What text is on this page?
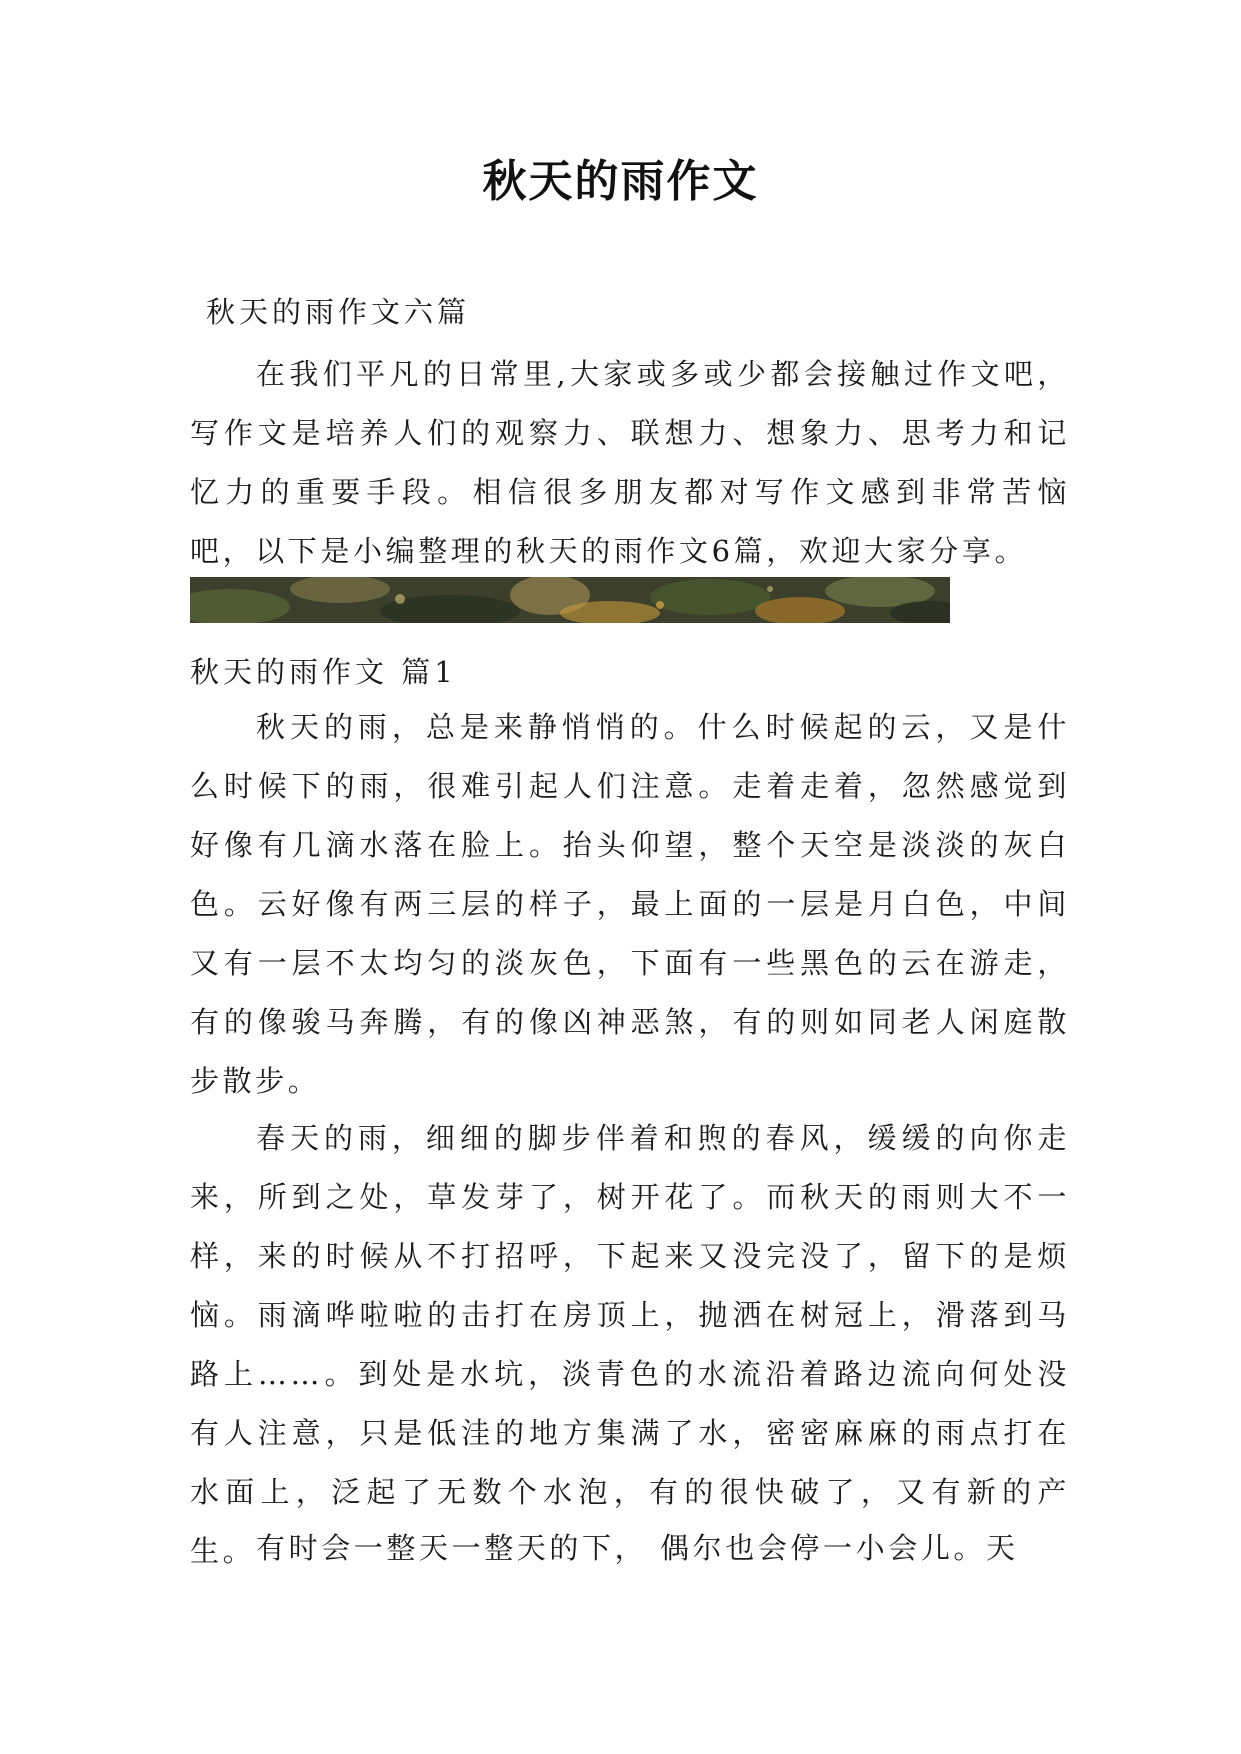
秋天的雨作文
秋天的雨作文六篇

在我们平凡的日常里,大家或多或少都会接触过作文吧，写作文是培养人们的观察力、联想力、想象力、思考力和记忆力的重要手段。相信很多朋友都对写作文感到非常苦恼吧，以下是小编整理的秋天的雨作文6篇，欢迎大家分享。

秋天的雨作文 篇1

秋天的雨，总是来静悄悄的。什么时候起的云，又是什么时候下的雨，很难引起人们注意。走着走着，忽然感觉到好像有几滴水落在脸上。抬头仰望，整个天空是淡淡的灰白色。云好像有两三层的样子，最上面的一层是月白色，中间又有一层不太均匀的淡灰色，下面有一些黑色的云在游走，有的像骏马奔腾，有的像凶神恶煞，有的则如同老人闲庭散步散步。

春天的雨，细细的脚步伴着和煦的春风，缓缓的向你走来，所到之处，草发芽了，树开花了。而秋天的雨则大不一样，来的时候从不打招呼，下起来又没完没了，留下的是烦恼。雨滴哗啦啦的击打在房顶上，抛洒在树冠上，滑落到马路上……。到处是水坑，淡青色的水流沿着路边流向何处没有人注意，只是低洼的地方集满了水，密密麻麻的雨点打在水面上，泛起了无数个水泡，有的很快破了，又有新的产生。 有时会一整天一整天的下， 偶尔也会停一小会儿。天
